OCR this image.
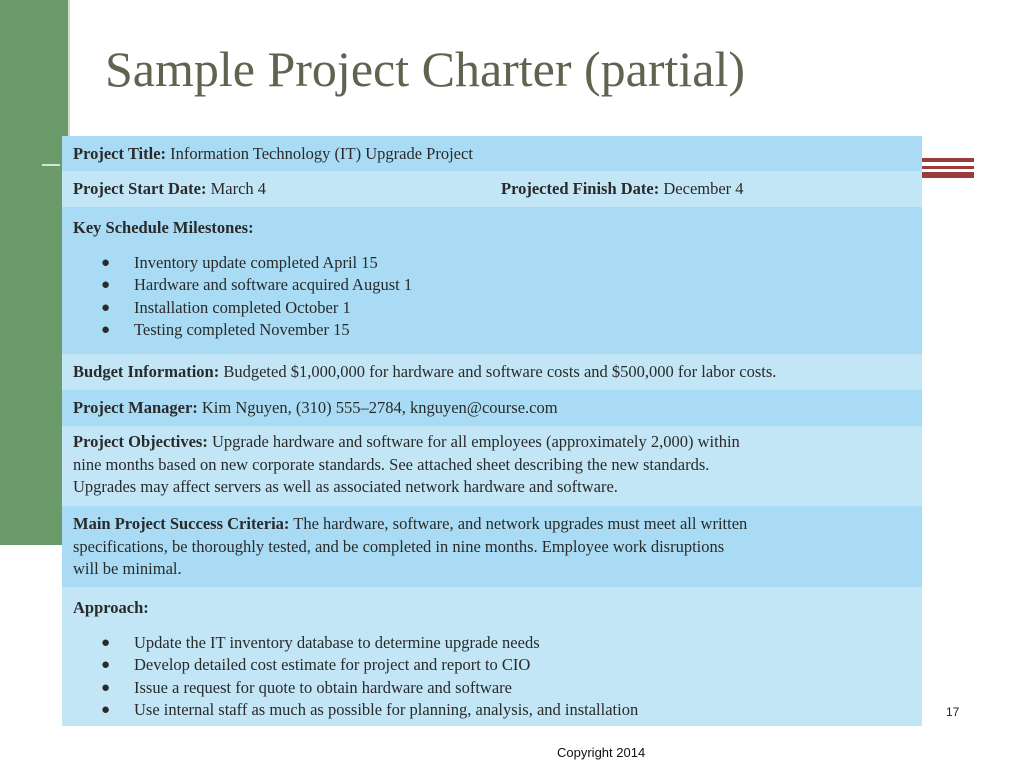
Sample Project Charter (partial)
Project Title: Information Technology (IT) Upgrade Project
Project Start Date: March 4	Projected Finish Date: December 4
Key Schedule Milestones:
● Inventory update completed April 15
● Hardware and software acquired August 1
● Installation completed October 1
● Testing completed November 15
Budget Information: Budgeted $1,000,000 for hardware and software costs and $500,000 for labor costs.
Project Manager: Kim Nguyen, (310) 555–2784, knguyen@course.com
Project Objectives: Upgrade hardware and software for all employees (approximately 2,000) within
nine months based on new corporate standards. See attached sheet describing the new standards.
Upgrades may affect servers as well as associated network hardware and software.
Main Project Success Criteria: The hardware, software, and network upgrades must meet all written
specifications, be thoroughly tested, and be completed in nine months. Employee work disruptions
will be minimal.
Approach:
● Update the IT inventory database to determine upgrade needs
● Develop detailed cost estimate for project and report to CIO
● Issue a request for quote to obtain hardware and software
● Use internal staff as much as possible for planning, analysis, and installation	17
Copyright 2014
